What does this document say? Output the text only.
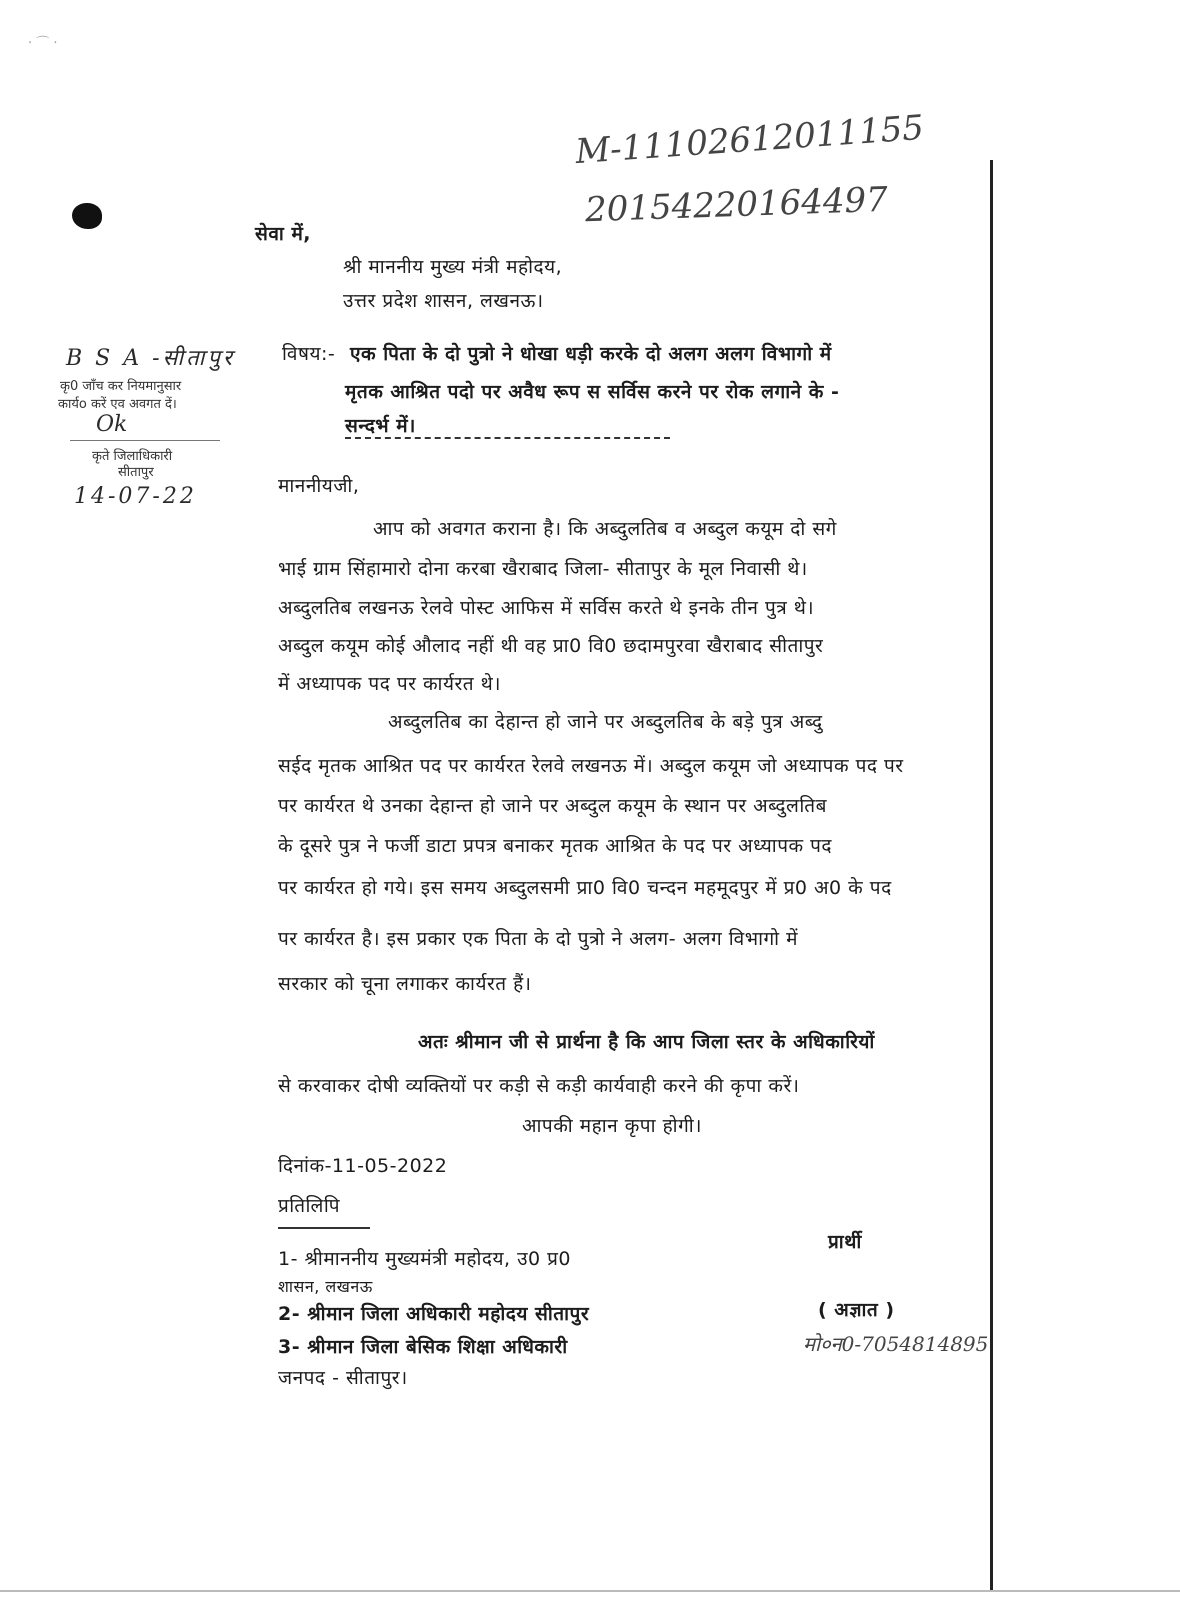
· ⌒ ·
M-11102612011155
20154220164497
सेवा में,
श्री माननीय मुख्य मंत्री महोदय,
उत्तर प्रदेश शासन, लखनऊ।
B S A -सीतापुर
कृ0 जाँच कर नियमानुसार
कार्यo करें एव अवगत दें।
Ok
कृते जिलाधिकारी
सीतापुर
14-07-22
विषय:- एक पिता के दो पुत्रो ने धोखा धड़ी करके दो अलग अलग विभागो में
मृतक आश्रित पदो पर अवैध रूप स सर्विस करने पर रोक लगाने के -
सन्दर्भ में।
माननीयजी,
आप को अवगत कराना है। कि अब्दुलतिब व अब्दुल कयूम दो सगे
भाई ग्राम सिंहामारो दोना करबा खैराबाद जिला- सीतापुर के मूल निवासी थे।
अब्दुलतिब लखनऊ रेलवे पोस्ट आफिस में सर्विस करते थे इनके तीन पुत्र थे।
अब्दुल कयूम कोई औलाद नहीं थी वह प्रा0 वि0 छदामपुरवा खैराबाद सीतापुर
में अध्यापक पद पर कार्यरत थे।
अब्दुलतिब का देहान्त हो जाने पर अब्दुलतिब के बड़े पुत्र अब्दु
सईद मृतक आश्रित पद पर कार्यरत रेलवे लखनऊ में। अब्दुल कयूम जो अध्यापक पद पर
पर कार्यरत थे उनका देहान्त हो जाने पर अब्दुल कयूम के स्थान पर अब्दुलतिब
के दूसरे पुत्र ने फर्जी डाटा प्रपत्र बनाकर मृतक आश्रित के पद पर अध्यापक पद
पर कार्यरत हो गये। इस समय अब्दुलसमी प्रा0 वि0 चन्दन महमूदपुर में प्र0 अ0 के पद
पर कार्यरत है। इस प्रकार एक पिता के दो पुत्रो ने अलग- अलग विभागो में
सरकार को चूना लगाकर कार्यरत हैं।
अतः श्रीमान जी से प्रार्थना है कि आप जिला स्तर के अधिकारियों
से करवाकर दोषी व्यक्तियों पर कड़ी से कड़ी कार्यवाही करने की कृपा करें।
आपकी महान कृपा होगी।
दिनांक-11-05-2022
प्रतिलिपि
1- श्रीमाननीय मुख्यमंत्री महोदय, उ0 प्र0
शासन, लखनऊ
2- श्रीमान जिला अधिकारी महोदय सीतापुर
3- श्रीमान जिला बेसिक शिक्षा अधिकारी
जनपद - सीतापुर।
प्रार्थी
( अज्ञात )
मो०न0-7054814895
